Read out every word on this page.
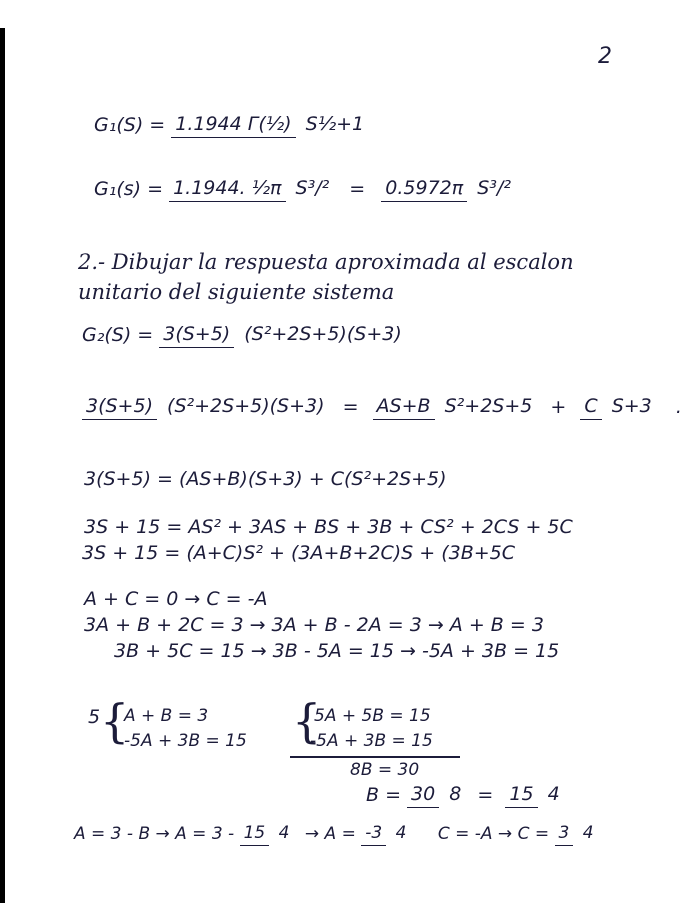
2
G₁(S) = 1.1944 Γ(½) S½+1
G₁(s) = 1.1944. ½π S³/² = 0.5972π S³/²
2.- Dibujar la respuesta aproximada al escalon
unitario del siguiente sistema
G₂(S) = 3(S+5) (S²+2S+5)(S+3)
3(S+5) (S²+2S+5)(S+3) = AS+B S²+2S+5 + C S+3 .
3(S+5) = (AS+B)(S+3) + C(S²+2S+5)
3S + 15 = AS² + 3AS + BS + 3B + CS² + 2CS + 5C
3S + 15 = (A+C)S² + (3A+B+2C)S + (3B+5C
A + C = 0 → C = -A
3A + B + 2C = 3 → 3A + B - 2A = 3 → A + B = 3
3B + 5C = 15 → 3B - 5A = 15 → -5A + 3B = 15
5 {
A + B = 3
-5A + 3B = 15 {
5A + 5B = 15
-5A + 3B = 15
8B = 30
B = 30 8 = 15 4
A = 3 - B → A = 3 - 15 4 → A = -3 4 C = -A → C = 3 4
